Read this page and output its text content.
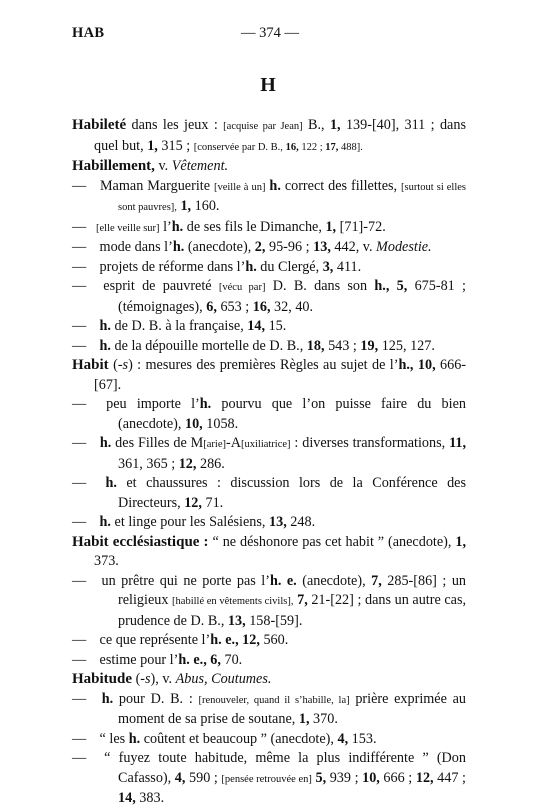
HAB	— 374 —
H

Habileté dans les jeux : [acquise par Jean] B., 1, 139-[40], 311 ; dans quel but, 1, 315 ; [conservée par D. B., 16, 122 ; 17, 488].

Habillement, v. Vêtement.

— Maman Marguerite [veille à un] h. correct des fillettes, [surtout si elles sont pauvres], 1, 160.

— [elle veille sur] l’h. de ses fils le Dimanche, 1, [71]-72.

— mode dans l’h. (anecdote), 2, 95-96 ; 13, 442, v. Modestie.

— projets de réforme dans l’h. du Clergé, 3, 411.

— esprit de pauvreté [vécu par] D. B. dans son h., 5, 675-81 ; (témoignages), 6, 653 ; 16, 32, 40.

— h. de D. B. à la française, 14, 15.

— h. de la dépouille mortelle de D. B., 18, 543 ; 19, 125, 127.

Habit (-s) : mesures des premières Règles au sujet de l’h., 10, 666-[67].

— peu importe l’h. pourvu que l’on puisse faire du bien (anecdote), 10, 1058.

— h. des Filles de M[arie]-A[uxiliatrice] : diverses transformations, 11, 361, 365 ; 12, 286.

— h. et chaussures : discussion lors de la Conférence des Directeurs, 12, 71.

— h. et linge pour les Salésiens, 13, 248.

Habit ecclésiastique : “ ne déshonore pas cet habit ” (anecdote), 1, 373.

— un prêtre qui ne porte pas l’h. e. (anecdote), 7, 285-[86] ; un religieux [habillé en vêtements civils], 7, 21-[22] ; dans un autre cas, prudence de D. B., 13, 158-[59].

— ce que représente l’h. e., 12, 560.

— estime pour l’h. e., 6, 70.

Habitude (-s), v. Abus, Coutumes.

— h. pour D. B. : [renouveler, quand il s’habille, la] prière exprimée au moment de sa prise de soutane, 1, 370.

— “ les h. coûtent et beaucoup ” (anecdote), 4, 153.

— “ fuyez toute habitude, même la plus indifférente ” (Don Cafasso), 4, 590 ; [pensée retrouvée en] 5, 939 ; 10, 666 ; 12, 447 ; 14, 383.
